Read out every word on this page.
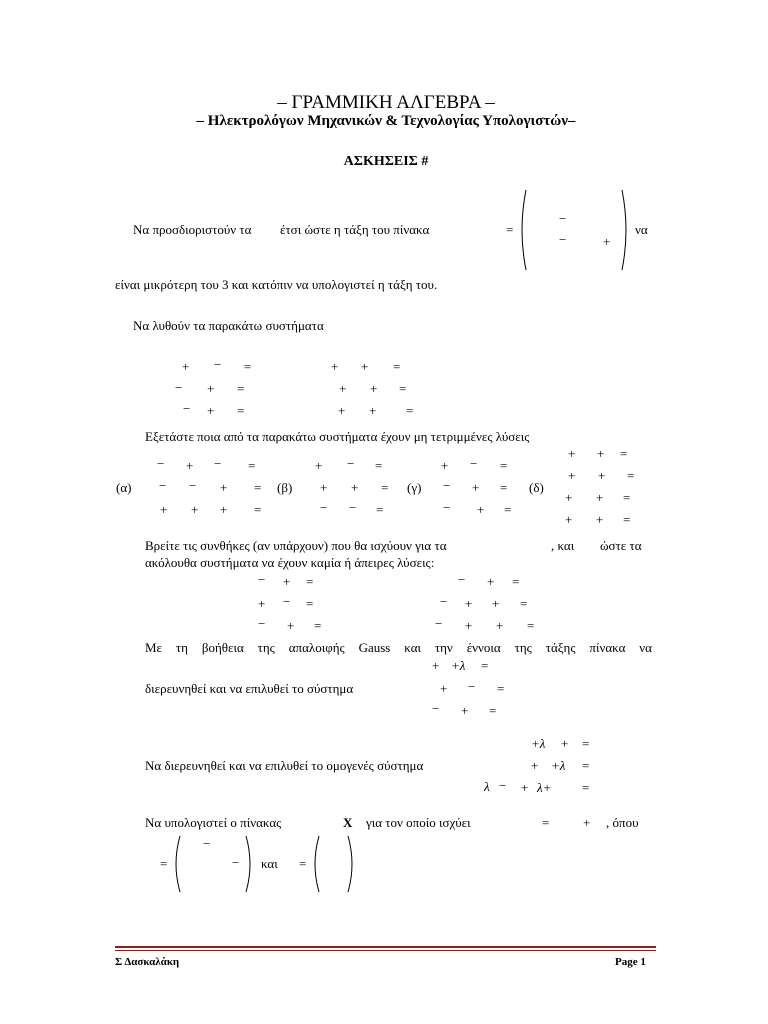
– ΓΡΑΜΜΙΚΗ ΑΛΓΕΒΡΑ –
– Ηλεκτρολόγων Μηχανικών & Τεχνολογίας Υπολογιστών–
ΑΣΚΗΣΕΙΣ #
Να προσδιοριστούν τα έτσι ώστε η τάξη του πίνακα	=
−
−	+
να
είναι μικρότερη του 3 και κατόπιν να υπολογιστεί η τάξη του.
Να λυθούν τα παρακάτω συστήματα
+ − =
− + =
− + =
+ + =
+ + =
+ + =
Εξετάστε ποια από τα παρακάτω συστήματα έχουν μη τετριμμένες λύσεις
(α)	(β)	(γ)	(δ)
− + − =
− − + =
+ + + =
+ − =
+ + =
− − =
+ − =
− + =
− + =
+ + =
+ + =
+ + =
+ + =
Βρείτε τις συνθήκες (αν υπάρχουν) που θα ισχύουν για τα	, και ώστε τα
ακόλουθα συστήματα να έχουν καμία ή άπειρες λύσεις:
− + =
+ − =
− + =
− + =
− + + =
− + + =
Με τη βοήθεια της απαλοιφής Gauss και την έννοια της τάξης πίνακα να
+ +λ =
διερευνηθεί και να επιλυθεί το σύστημα	+ − =
− + =
+λ + =
Να διερευνηθεί και να επιλυθεί το ομογενές σύστημα	+ +λ =
λ − + λ+ =
Να υπολογιστεί ο πίνακας	X για τον οποίο ισχύει	=	+ , όπου
=
−
− και =
Σ Δασκαλάκη	Page 1
